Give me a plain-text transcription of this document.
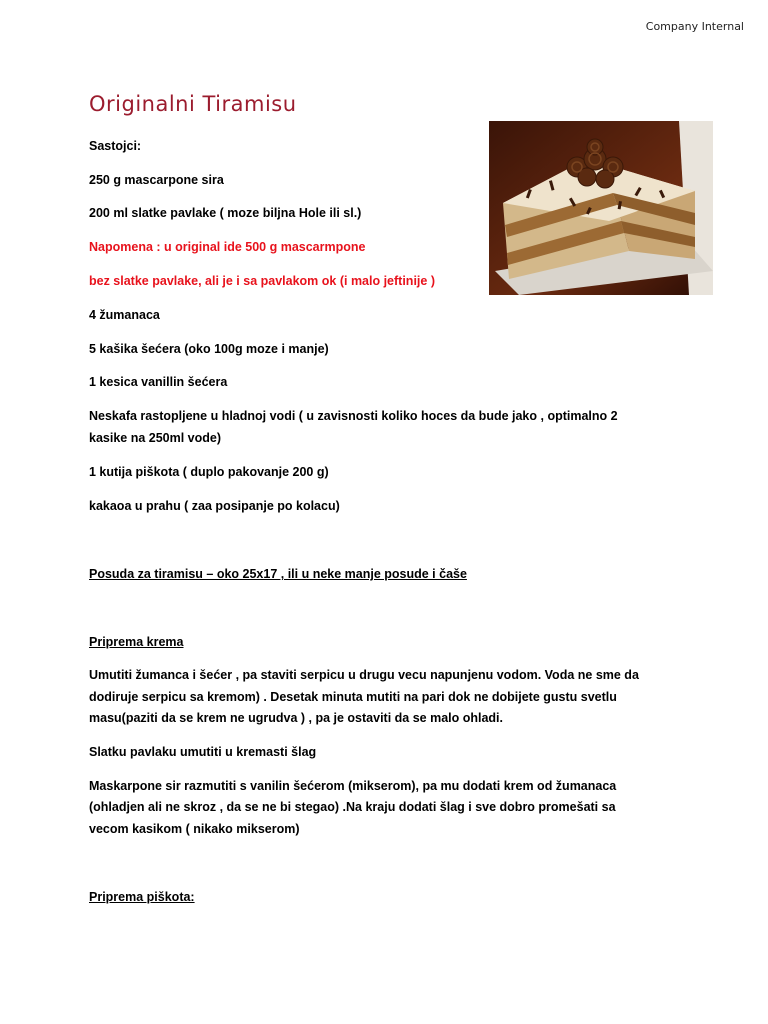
Company Internal
Originalni Tiramisu
Sastojci:
250 g mascarpone sira
200 ml slatke pavlake ( moze biljna Hole ili sl.)
Napomena : u original ide 500 g mascarmpone
bez slatke pavlake, ali je i sa pavlakom ok (i malo jeftinije )
4 žumanaca
5 kašika šećera (oko 100g moze i manje)
1 kesica vanillin šećera
Neskafa rastopljene u hladnoj vodi ( u zavisnosti koliko hoces da bude jako , optimalno 2
kasike na 250ml vode)
1 kutija piškota ( duplo pakovanje 200 g)
kakaoa u prahu ( zaa posipanje po kolacu)
Posuda za tiramisu – oko 25x17 , ili u neke manje posude i čaše
Priprema krema
Umutiti žumanca i šećer , pa staviti serpicu u drugu vecu napunjenu vodom. Voda ne sme da
dodiruje serpicu sa kremom) . Desetak minuta mutiti na pari dok ne dobijete gustu svetlu
masu(paziti da se krem ne ugrudva ) , pa je ostaviti da se malo ohladi.
Slatku pavlaku umutiti u kremasti šlag
Maskarpone sir razmutiti s vanilin šećerom (mikserom), pa mu dodati krem od žumanaca
(ohladjen ali ne skroz , da se ne bi stegao) .Na kraju dodati šlag i sve dobro promešati sa
vecom kasikom ( nikako mikserom)
Priprema piškota:
